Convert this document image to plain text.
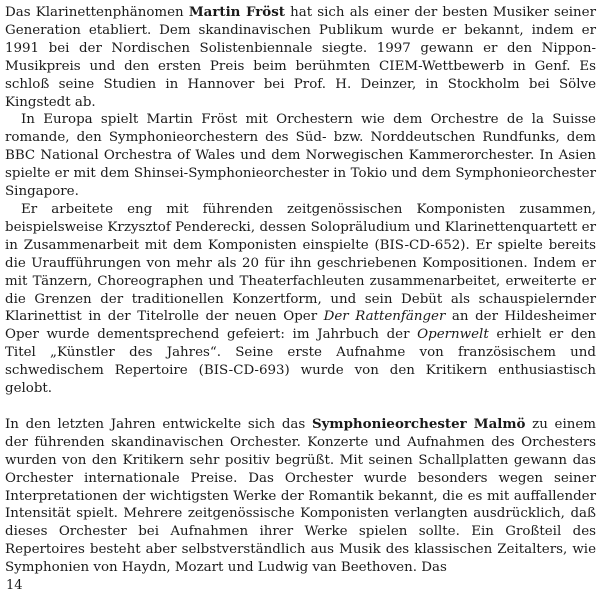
Das Klarinettenphänomen Martin Fröst hat sich als einer der besten Musiker seiner Generation etabliert. Dem skandinavischen Publikum wurde er bekannt, indem er 1991 bei der Nordischen Solistenbiennale siegte. 1997 gewann er den Nippon-Musikpreis und den ersten Preis beim berühmten CIEM-Wettbewerb in Genf. Es schloß seine Studien in Hannover bei Prof. H. Deinzer, in Stockholm bei Sölve Kingstedt ab.

In Europa spielt Martin Fröst mit Orchestern wie dem Orchestre de la Suisse romande, den Symphonieorchestern des Süd- bzw. Norddeutschen Rundfunks, dem BBC National Orchestra of Wales und dem Norwegischen Kammerorchester. In Asien spielte er mit dem Shinsei-Symphonieorchester in Tokio und dem Symphonieorchester Singapore.

Er arbeitete eng mit führenden zeitgenössischen Komponisten zusammen, beispielsweise Krzysztof Penderecki, dessen Solopräludium und Klarinettenquartett er in Zusammenarbeit mit dem Komponisten einspielte (BIS-CD-652). Er spielte bereits die Uraufführungen von mehr als 20 für ihn geschriebenen Kompositionen. Indem er mit Tänzern, Choreographen und Theaterfachleuten zusammenarbeitet, erweiterte er die Grenzen der traditionellen Konzertform, und sein Debüt als schauspielernder Klarinettist in der Titelrolle der neuen Oper Der Rattenfänger an der Hildesheimer Oper wurde dementsprechend gefeiert: im Jahrbuch der Opernwelt erhielt er den Titel „Künstler des Jahres“. Seine erste Aufnahme von französischem und schwedischem Repertoire (BIS-CD-693) wurde von den Kritikern enthusiastisch gelobt.

In den letzten Jahren entwickelte sich das Symphonieorchester Malmö zu einem der führenden skandinavischen Orchester. Konzerte und Aufnahmen des Orchesters wurden von den Kritikern sehr positiv begrüßt. Mit seinen Schallplatten gewann das Orchester internationale Preise. Das Orchester wurde besonders wegen seiner Interpretationen der wichtigsten Werke der Romantik bekannt, die es mit auffallender Intensität spielt. Mehrere zeitgenössische Komponisten verlangten ausdrücklich, daß dieses Orchester bei Aufnahmen ihrer Werke spielen sollte. Ein Großteil des Repertoires besteht aber selbstverständlich aus Musik des klassischen Zeitalters, wie Symphonien von Haydn, Mozart und Ludwig van Beethoven. Das

14
